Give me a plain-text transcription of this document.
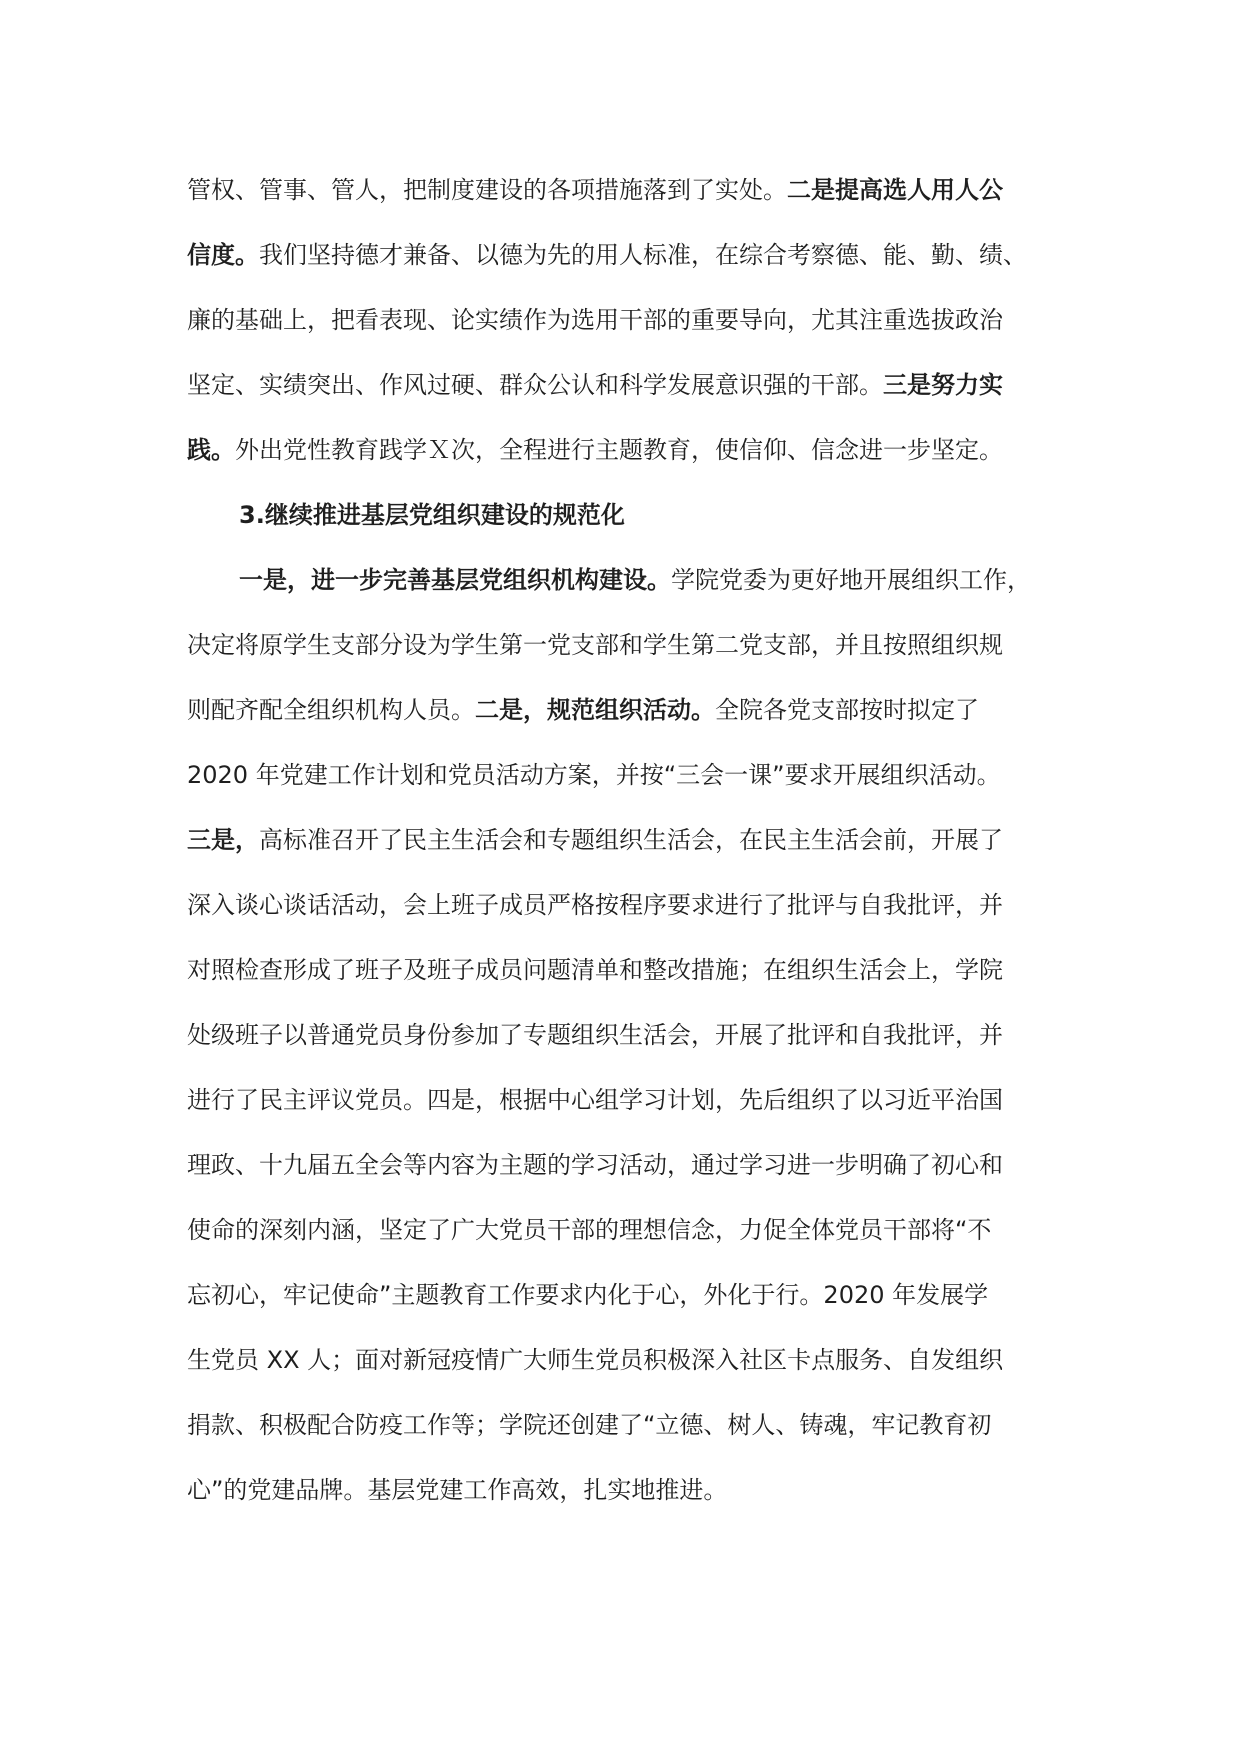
管权、管事、管人，把制度建设的各项措施落到了实处。二是提高选人用人公
信度。我们坚持德才兼备、以德为先的用人标准，在综合考察德、能、勤、绩、
廉的基础上，把看表现、论实绩作为选用干部的重要导向，尤其注重选拔政治
坚定、实绩突出、作风过硬、群众公认和科学发展意识强的干部。三是努力实
践。外出党性教育践学Ｘ次，全程进行主题教育，使信仰、信念进一步坚定。
3.继续推进基层党组织建设的规范化
一是，进一步完善基层党组织机构建设。学院党委为更好地开展组织工作，
决定将原学生支部分设为学生第一党支部和学生第二党支部，并且按照组织规
则配齐配全组织机构人员。二是，规范组织活动。全院各党支部按时拟定了
2020 年党建工作计划和党员活动方案，并按“三会一课”要求开展组织活动。
三是，高标准召开了民主生活会和专题组织生活会，在民主生活会前，开展了
深入谈心谈话活动，会上班子成员严格按程序要求进行了批评与自我批评，并
对照检查形成了班子及班子成员问题清单和整改措施；在组织生活会上，学院
处级班子以普通党员身份参加了专题组织生活会，开展了批评和自我批评，并
进行了民主评议党员。四是，根据中心组学习计划，先后组织了以习近平治国
理政、十九届五全会等内容为主题的学习活动，通过学习进一步明确了初心和
使命的深刻内涵，坚定了广大党员干部的理想信念，力促全体党员干部将“不
忘初心，牢记使命”主题教育工作要求内化于心，外化于行。2020 年发展学
生党员 XX 人；面对新冠疫情广大师生党员积极深入社区卡点服务、自发组织
捐款、积极配合防疫工作等；学院还创建了“立德、树人、铸魂，牢记教育初
心”的党建品牌。基层党建工作高效，扎实地推进。
